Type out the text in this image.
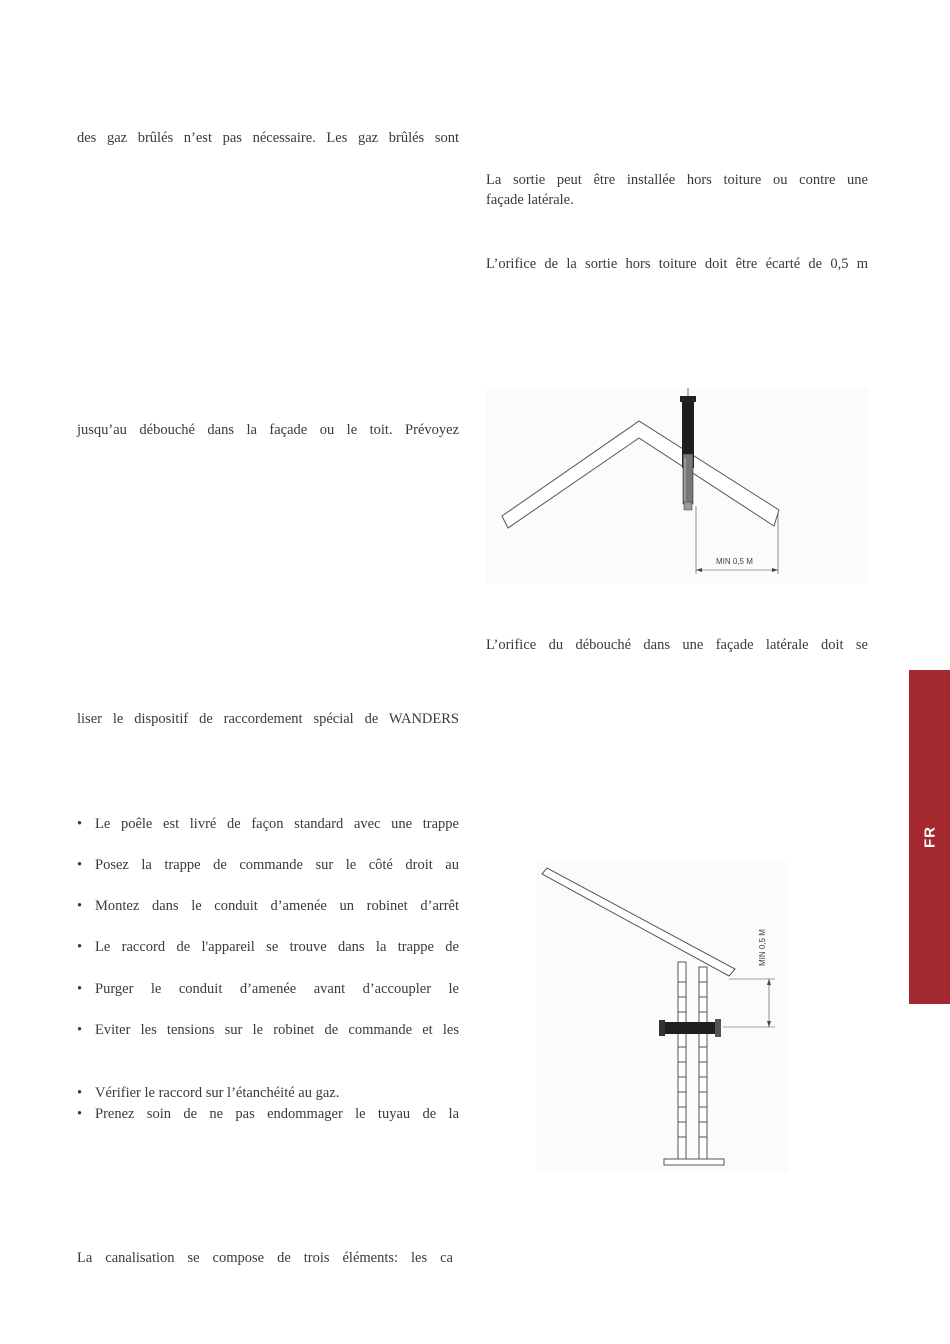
des gaz brûlés n’est pas nécessaire. Les gaz brûlés sont

jusqu’au débouché dans la façade ou le toit. Prévoyez

liser le dispositif de raccordement spécial de WANDERS

• Le poêle est livré de façon standard avec une trappe
• Posez la trappe de commande sur le côté droit au
• Montez dans le conduit d’amenée un robinet d’arrêt
• Le raccord de l'appareil se trouve dans la trappe de
• Purger le conduit d’amenée avant d’accoupler le
• Eviter les tensions sur le robinet de commande et les
• Vérifier le raccord sur l’étanchéité au gaz.
• Prenez soin de ne pas endommager le tuyau de la

La canalisation se compose de trois éléments: les ca

La sortie peut être installée hors toiture ou contre une

façade latérale.

L’orifice de la sortie hors toiture doit être écarté de 0,5 m

L’orifice du débouché dans une façade latérale doit se

MIN 0,5 M
MIN 0,5 M
FR
